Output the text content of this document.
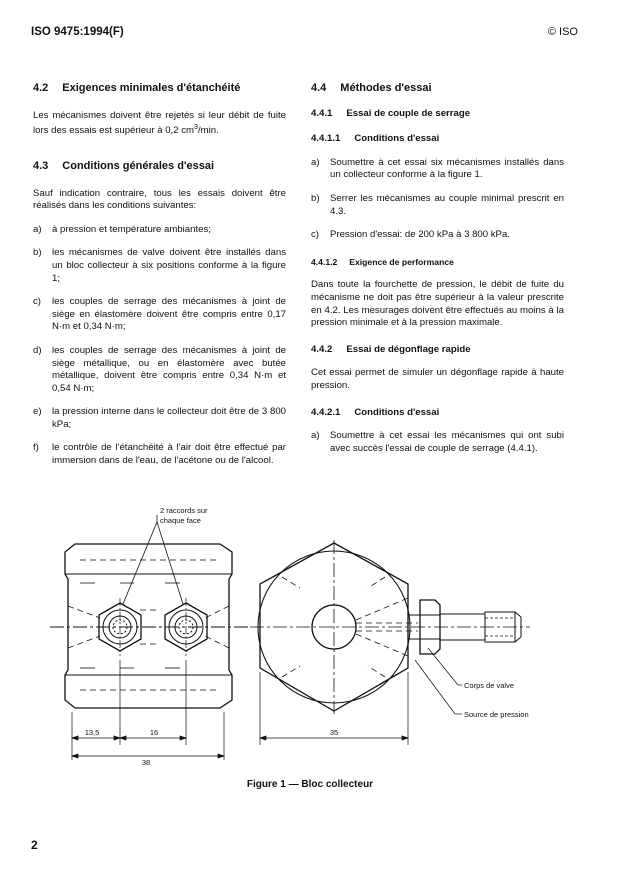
ISO 9475:1994(F)	© ISO
4.2 Exigences minimales d'étanchéité

Les mécanismes doivent être rejetés si leur débit de fuite lors des essais est supérieur à 0,2 $cm^3/\min$.

4.3 Conditions générales d'essai

Sauf indication contraire, tous les essais doivent être réalisés dans les conditions suivantes:

a)	à pression et température ambiantes;
b)	les mécanismes de valve doivent être installés dans un bloc collecteur à six positions conforme à la figure 1;
c)	les couples de serrage des mécanismes à joint de siège en élastomère doivent être compris entre 0,17 N·m et 0,34 N·m;
d)	les couples de serrage des mécanismes à joint de siège métallique, ou en élastomère avec butée métallique, doivent être compris entre 0,34 N·m et 0,54 N·m;
e)	la pression interne dans le collecteur doit être de 3 800 kPa;
f)	le contrôle de l'étanchéité à l'air doit être effectué par immersion dans de l'eau, de l'acétone ou de l'alcool.
4.4 Méthodes d'essai
4.4.1 Essai de couple de serrage
4.4.1.1 Conditions d'essai
a)	Soumettre à cet essai six mécanismes installés dans un collecteur conforme à la figure 1.
b)	Serrer les mécanismes au couple minimal prescrit en 4.3.
c)	Pression d'essai: de 200 kPa à 3 800 kPa.
4.4.1.2 Exigence de performance

Dans toute la fourchette de pression, le débit de fuite du mécanisme ne doit pas être supérieur à la valeur prescrite en 4.2. Les mesurages doivent être effectués au moins à la pression minimale et à la pression maximale.

4.4.2 Essai de dégonflage rapide

Cet essai permet de simuler un dégonflage rapide à haute pression.

4.4.2.1 Conditions d'essai
a)	Soumettre à cet essai les mécanismes qui ont subi avec succès l'essai de couple de serrage (4.4.1).
2 raccords sur
chaque face
Corps de valve
Source de pression
13,5	16
38
35
Figure 1 — Bloc collecteur
2
